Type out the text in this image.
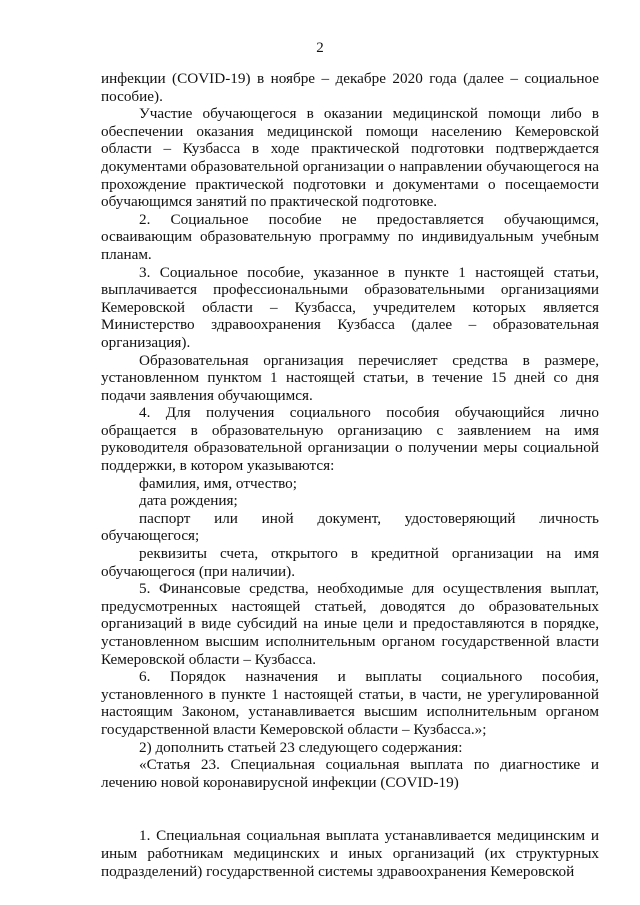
2

инфекции (COVID-19) в ноябре – декабре 2020 года (далее – социальное пособие).

Участие обучающегося в оказании медицинской помощи либо в обеспечении оказания медицинской помощи населению Кемеровской области – Кузбасса в ходе практической подготовки подтверждается документами образовательной организации о направлении обучающегося на прохождение практической подготовки и документами о посещаемости обучающимся занятий по практической подготовке.

2. Социальное пособие не предоставляется обучающимся, осваивающим образовательную программу по индивидуальным учебным планам.

3. Социальное пособие, указанное в пункте 1 настоящей статьи, выплачивается профессиональными образовательными организациями Кемеровской области – Кузбасса, учредителем которых является Министерство здравоохранения Кузбасса (далее – образовательная организация).

Образовательная организация перечисляет средства в размере, установленном пунктом 1 настоящей статьи, в течение 15 дней со дня подачи заявления обучающимся.

4. Для получения социального пособия обучающийся лично обращается в образовательную организацию с заявлением на имя руководителя образовательной организации о получении меры социальной поддержки, в котором указываются:

фамилия, имя, отчество;

дата рождения;

паспорт или иной документ, удостоверяющий личность обучающегося;

реквизиты счета, открытого в кредитной организации на имя обучающегося (при наличии).

5. Финансовые средства, необходимые для осуществления выплат, предусмотренных настоящей статьей, доводятся до образовательных организаций в виде субсидий на иные цели и предоставляются в порядке, установленном высшим исполнительным органом государственной власти Кемеровской области – Кузбасса.

6. Порядок назначения и выплаты социального пособия, установленного в пункте 1 настоящей статьи, в части, не урегулированной настоящим Законом, устанавливается высшим исполнительным органом государственной власти Кемеровской области – Кузбасса.»;

2) дополнить статьей 23 следующего содержания:

«Статья 23. Специальная социальная выплата по диагностике и лечению новой коронавирусной инфекции (COVID-19)

1. Специальная социальная выплата устанавливается медицинским и иным работникам медицинских и иных организаций (их структурных подразделений) государственной системы здравоохранения Кемеровской
